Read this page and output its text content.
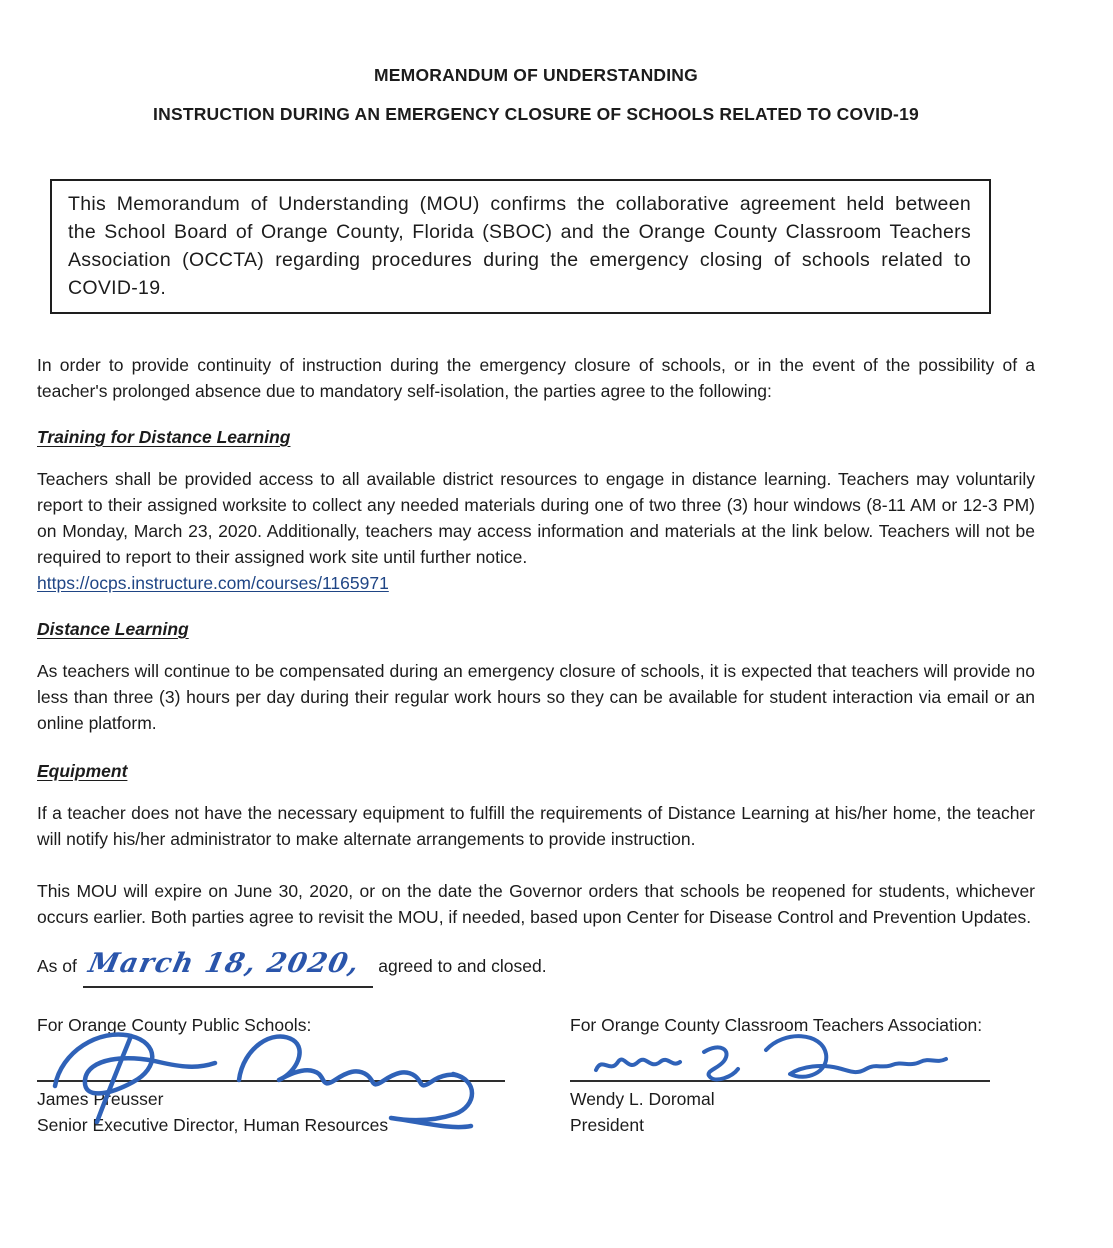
MEMORANDUM OF UNDERSTANDING
INSTRUCTION DURING AN EMERGENCY CLOSURE OF SCHOOLS RELATED TO COVID-19
This Memorandum of Understanding (MOU) confirms the collaborative agreement held between the School Board of Orange County, Florida (SBOC) and the Orange County Classroom Teachers Association (OCCTA) regarding procedures during the emergency closing of schools related to COVID-19.
In order to provide continuity of instruction during the emergency closure of schools, or in the event of the possibility of a teacher's prolonged absence due to mandatory self-isolation, the parties agree to the following:
Training for Distance Learning
Teachers shall be provided access to all available district resources to engage in distance learning. Teachers may voluntarily report to their assigned worksite to collect any needed materials during one of two three (3) hour windows (8-11 AM or 12-3 PM) on Monday, March 23, 2020. Additionally, teachers may access information and materials at the link below. Teachers will not be required to report to their assigned work site until further notice.
https://ocps.instructure.com/courses/1165971
Distance Learning
As teachers will continue to be compensated during an emergency closure of schools, it is expected that teachers will provide no less than three (3) hours per day during their regular work hours so they can be available for student interaction via email or an online platform.
Equipment
If a teacher does not have the necessary equipment to fulfill the requirements of Distance Learning at his/her home, the teacher will notify his/her administrator to make alternate arrangements to provide instruction.
This MOU will expire on June 30, 2020, or on the date the Governor orders that schools be reopened for students, whichever occurs earlier. Both parties agree to revisit the MOU, if needed, based upon Center for Disease Control and Prevention Updates.
As of March 18, 2020, agreed to and closed.
For Orange County Public Schools:
James Preusser
Senior Executive Director, Human Resources
For Orange County Classroom Teachers Association:
Wendy L. Doromal
President
